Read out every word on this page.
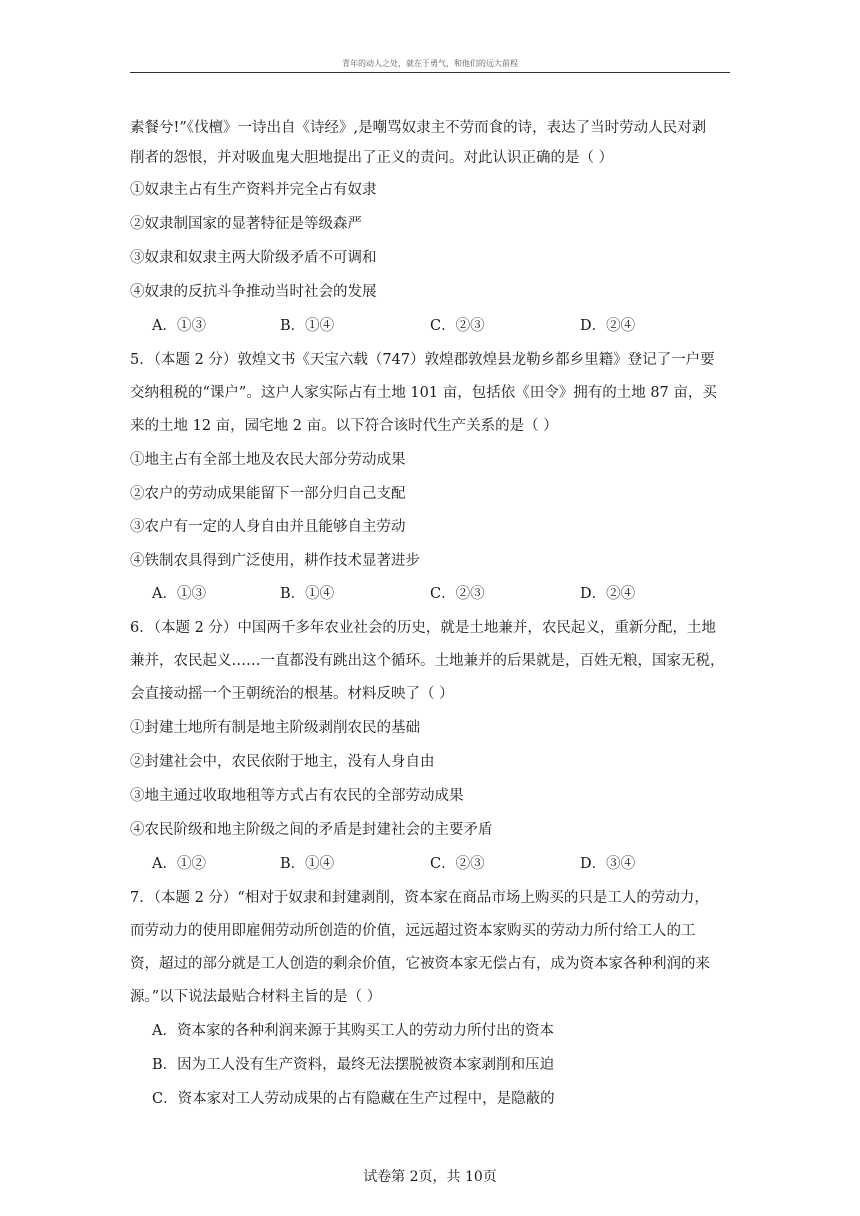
青年的动人之处，就在于勇气，和他们的远大前程
素餐兮!”《伐檀》一诗出自《诗经》,是嘲骂奴隶主不劳而食的诗，表达了当时劳动人民对剥
削者的怨恨，并对吸血鬼大胆地提出了正义的责问。对此认识正确的是（ ）
①奴隶主占有生产资料并完全占有奴隶
②奴隶制国家的显著特征是等级森严
③奴隶和奴隶主两大阶级矛盾不可调和
④奴隶的反抗斗争推动当时社会的发展
A．①③	B．①④	C．②③	D．②④
5．（本题 2 分）敦煌文书《天宝六载（747）敦煌郡敦煌县龙勒乡都乡里籍》登记了一户要
交纳租税的“课户”。这户人家实际占有土地 101 亩，包括依《田令》拥有的土地 87 亩，买
来的土地 12 亩，园宅地 2 亩。以下符合该时代生产关系的是（ ）
①地主占有全部土地及农民大部分劳动成果
②农户的劳动成果能留下一部分归自己支配
③农户有一定的人身自由并且能够自主劳动
④铁制农具得到广泛使用，耕作技术显著进步
A．①③	B．①④	C．②③	D．②④
6．（本题 2 分）中国两千多年农业社会的历史，就是土地兼并，农民起义，重新分配，土地
兼并，农民起义……一直都没有跳出这个循环。土地兼并的后果就是，百姓无粮，国家无税，
会直接动摇一个王朝统治的根基。材料反映了（ ）
①封建土地所有制是地主阶级剥削农民的基础
②封建社会中，农民依附于地主，没有人身自由
③地主通过收取地租等方式占有农民的全部劳动成果
④农民阶级和地主阶级之间的矛盾是封建社会的主要矛盾
A．①②	B．①④	C．②③	D．③④
7．（本题 2 分）“相对于奴隶和封建剥削，资本家在商品市场上购买的只是工人的劳动力，
而劳动力的使用即雇佣劳动所创造的价值，远远超过资本家购买的劳动力所付给工人的工
资，超过的部分就是工人创造的剩余价值，它被资本家无偿占有，成为资本家各种利润的来
源。”以下说法最贴合材料主旨的是（ ）
A．资本家的各种利润来源于其购买工人的劳动力所付出的资本
B．因为工人没有生产资料，最终无法摆脱被资本家剥削和压迫
C．资本家对工人劳动成果的占有隐藏在生产过程中，是隐蔽的
试卷第 2页，共 10页
